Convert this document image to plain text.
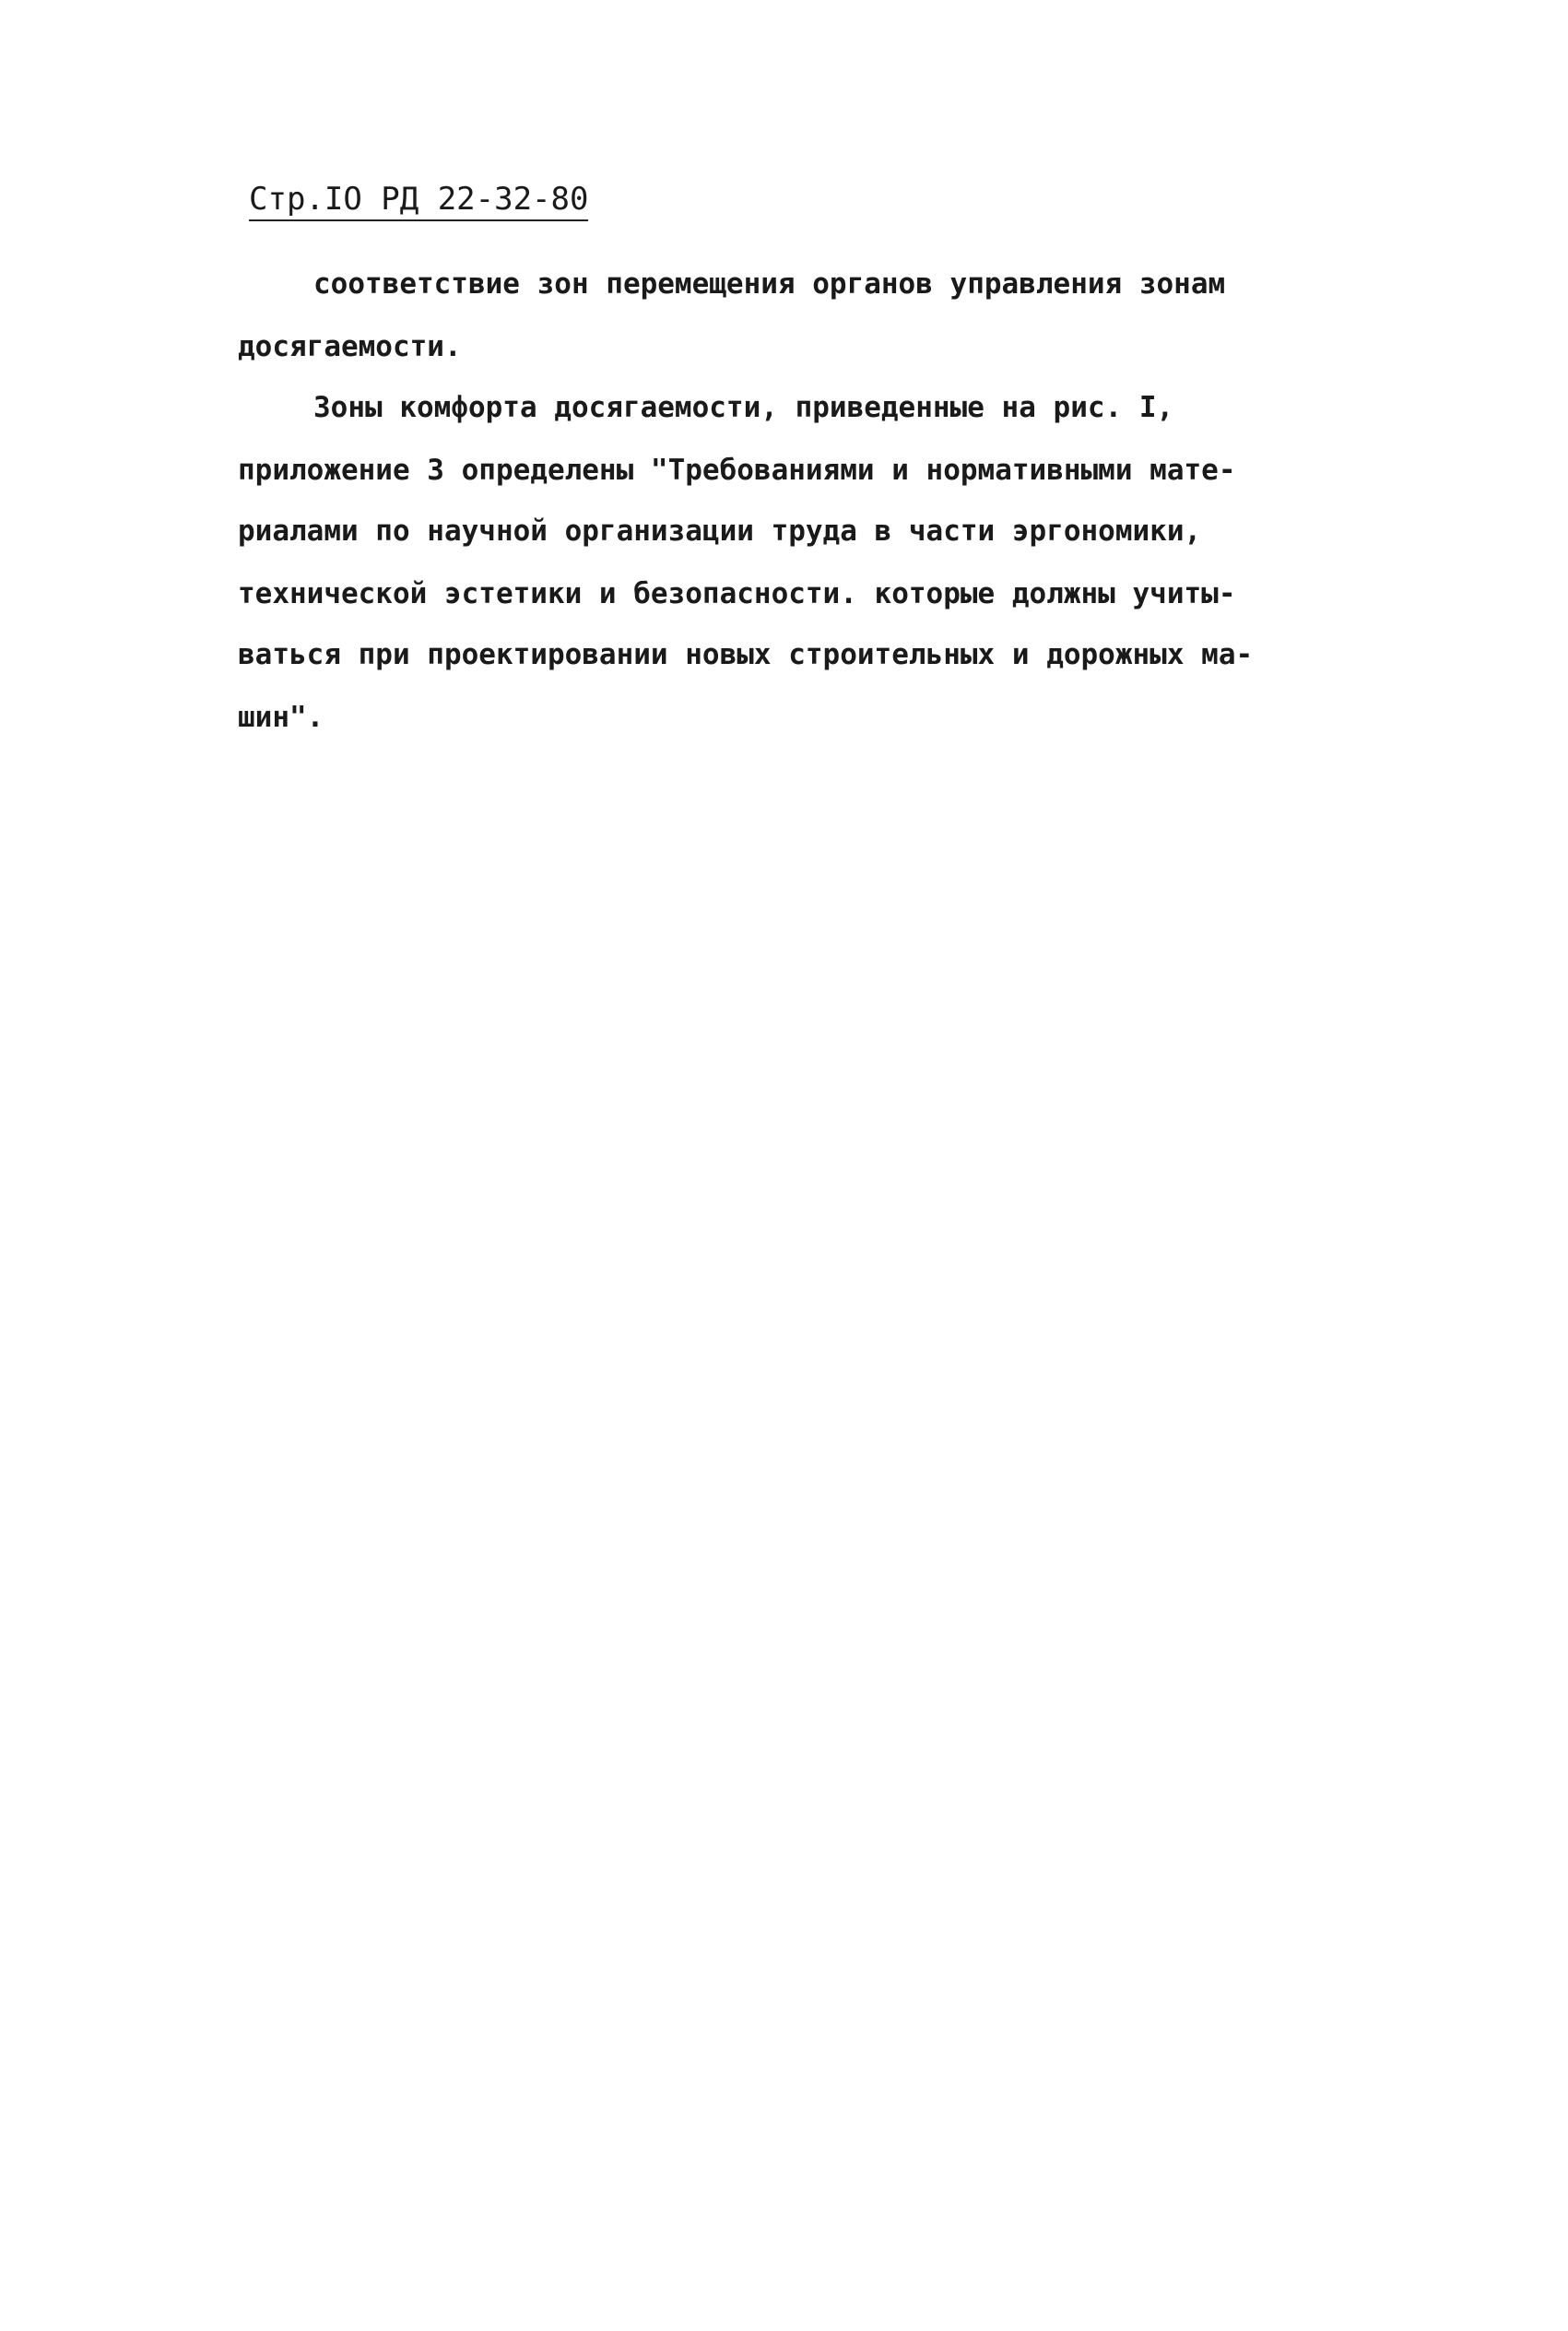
Стр.IO РД 22-32-80
соответствие зон перемещения органов управления зонам
досягаемости.
Зоны комфорта досягаемости, приведенные на рис. I,
приложение 3 определены "Требованиями и нормативными мате-
риалами по научной организации труда в части эргономики,
технической эстетики и безопасности. которые должны учиты-
ваться при проектировании новых строительных и дорожных ма-
шин".
